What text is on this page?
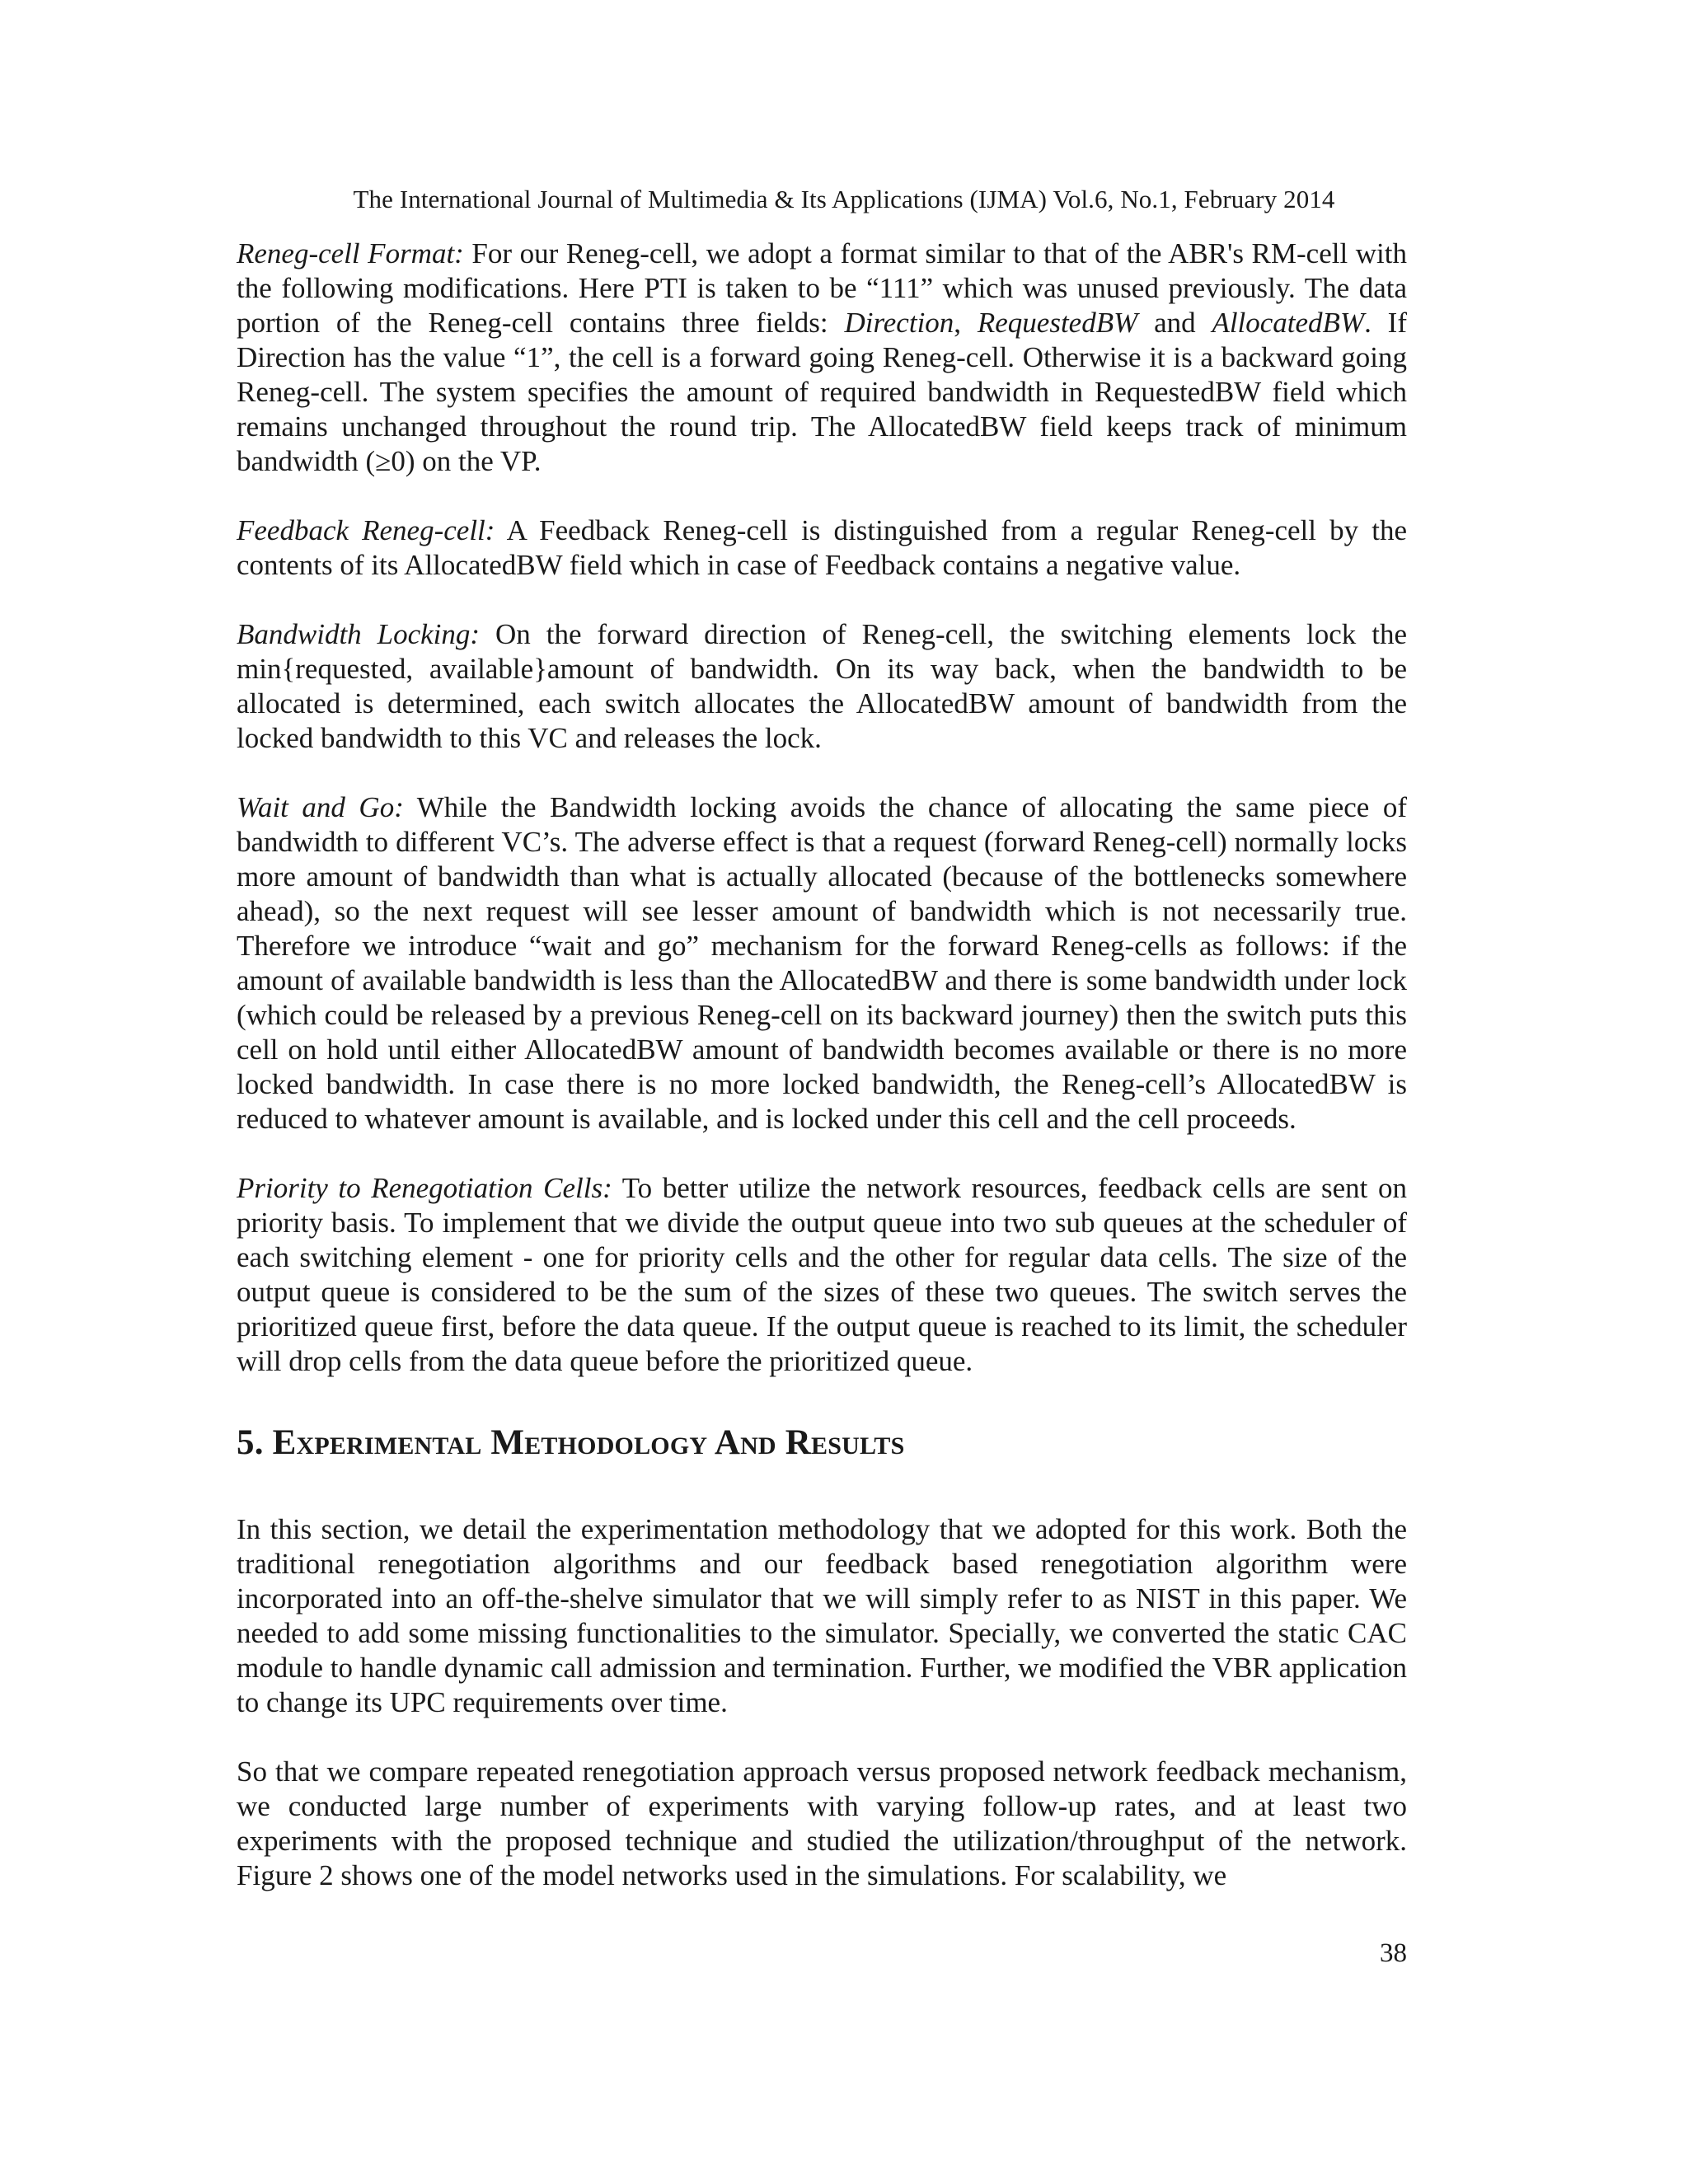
The International Journal of Multimedia & Its Applications (IJMA) Vol.6, No.1, February 2014

Reneg-cell Format: For our Reneg-cell, we adopt a format similar to that of the ABR's RM-cell with the following modifications. Here PTI is taken to be “111” which was unused previously. The data portion of the Reneg-cell contains three fields: Direction, RequestedBW and AllocatedBW. If Direction has the value “1”, the cell is a forward going Reneg-cell. Otherwise it is a backward going Reneg-cell. The system specifies the amount of required bandwidth in RequestedBW field which remains unchanged throughout the round trip. The AllocatedBW field keeps track of minimum bandwidth (≥0) on the VP.

Feedback Reneg-cell: A Feedback Reneg-cell is distinguished from a regular Reneg-cell by the contents of its AllocatedBW field which in case of Feedback contains a negative value.

Bandwidth Locking: On the forward direction of Reneg-cell, the switching elements lock the min{requested, available}amount of bandwidth. On its way back, when the bandwidth to be allocated is determined, each switch allocates the AllocatedBW amount of bandwidth from the locked bandwidth to this VC and releases the lock.

Wait and Go: While the Bandwidth locking avoids the chance of allocating the same piece of bandwidth to different VC’s. The adverse effect is that a request (forward Reneg-cell) normally locks more amount of bandwidth than what is actually allocated (because of the bottlenecks somewhere ahead), so the next request will see lesser amount of bandwidth which is not necessarily true. Therefore we introduce “wait and go” mechanism for the forward Reneg-cells as follows: if the amount of available bandwidth is less than the AllocatedBW and there is some bandwidth under lock (which could be released by a previous Reneg-cell on its backward journey) then the switch puts this cell on hold until either AllocatedBW amount of bandwidth becomes available or there is no more locked bandwidth. In case there is no more locked bandwidth, the Reneg-cell’s AllocatedBW is reduced to whatever amount is available, and is locked under this cell and the cell proceeds.

Priority to Renegotiation Cells: To better utilize the network resources, feedback cells are sent on priority basis. To implement that we divide the output queue into two sub queues at the scheduler of each switching element - one for priority cells and the other for regular data cells. The size of the output queue is considered to be the sum of the sizes of these two queues. The switch serves the prioritized queue first, before the data queue. If the output queue is reached to its limit, the scheduler will drop cells from the data queue before the prioritized queue.

5. Experimental Methodology And Results

In this section, we detail the experimentation methodology that we adopted for this work. Both the traditional renegotiation algorithms and our feedback based renegotiation algorithm were incorporated into an off-the-shelve simulator that we will simply refer to as NIST in this paper. We needed to add some missing functionalities to the simulator. Specially, we converted the static CAC module to handle dynamic call admission and termination. Further, we modified the VBR application to change its UPC requirements over time.

So that we compare repeated renegotiation approach versus proposed network feedback mechanism, we conducted large number of experiments with varying follow-up rates, and at least two experiments with the proposed technique and studied the utilization/throughput of the network. Figure 2 shows one of the model networks used in the simulations. For scalability, we

38
